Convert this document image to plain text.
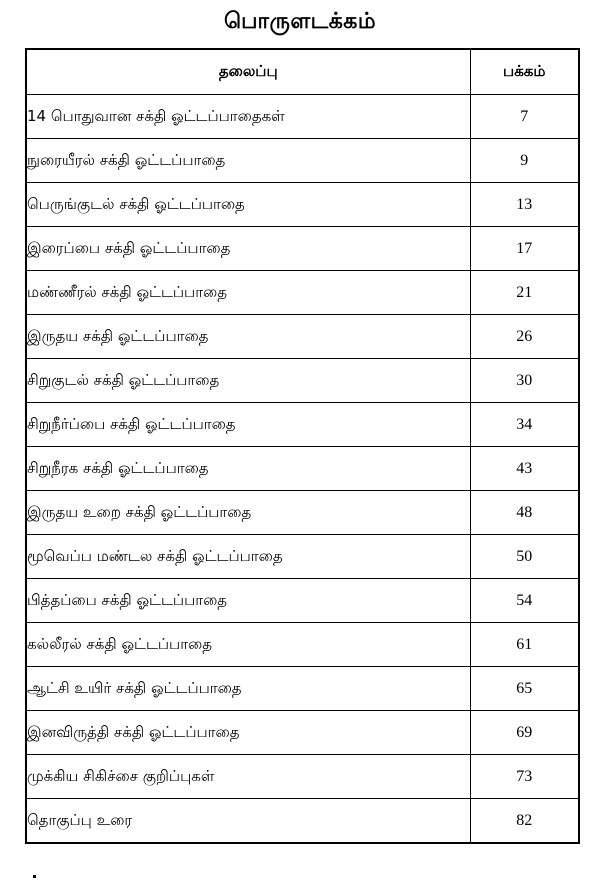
பொருளடக்கம்
தலைப்பு	பக்கம்
14 பொதுவான சக்தி ஓட்டப்பாதைகள்	7
நுரையீரல் சக்தி ஓட்டப்பாதை	9
பெருங்குடல் சக்தி ஓட்டப்பாதை	13
இரைப்பை சக்தி ஓட்டப்பாதை	17
மண்ணீரல் சக்தி ஓட்டப்பாதை	21
இருதய சக்தி ஓட்டப்பாதை	26
சிறுகுடல் சக்தி ஓட்டப்பாதை	30
சிறுநீர்ப்பை சக்தி ஓட்டப்பாதை	34
சிறுநீரக சக்தி ஓட்டப்பாதை	43
இருதய உறை சக்தி ஓட்டப்பாதை	48
மூவெப்ப மண்டல சக்தி ஓட்டப்பாதை	50
பித்தப்பை சக்தி ஓட்டப்பாதை	54
கல்லீரல் சக்தி ஓட்டப்பாதை	61
ஆட்சி உயிர் சக்தி ஓட்டப்பாதை	65
இனவிருத்தி சக்தி ஓட்டப்பாதை	69
முக்கிய சிகிச்சை குறிப்புகள்	73
தொகுப்பு உரை	82
